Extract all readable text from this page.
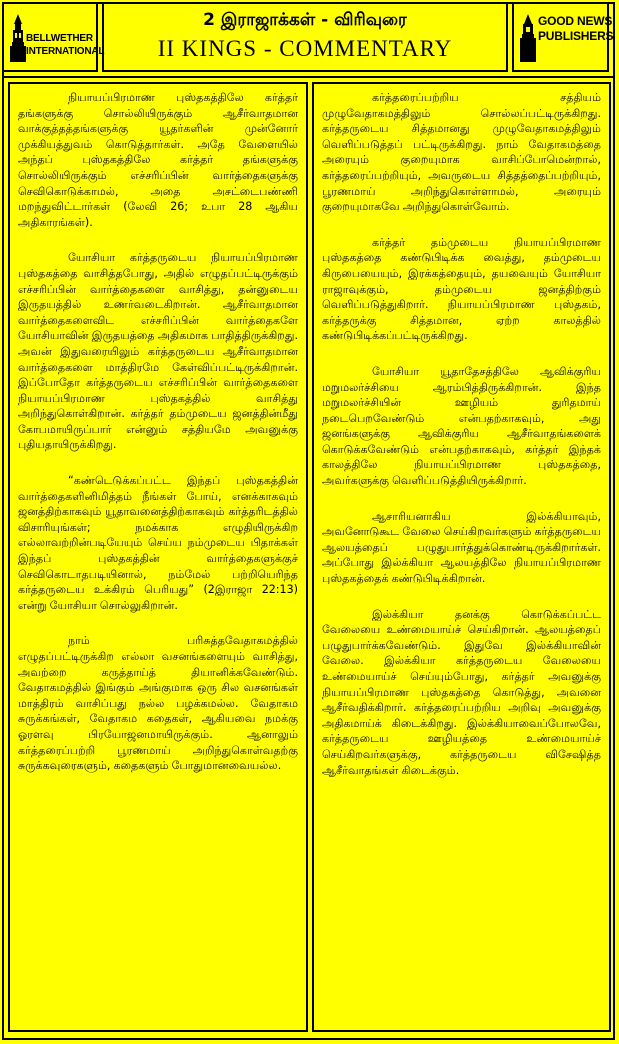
BELLWETHER
INTERNATIONAL
2 இராஜாக்கள் - விரிவுரை
II KINGS - COMMENTARY
GOOD NEWS
PUBLISHERS

நியாயப்பிரமாண புஸ்தகத்திலே கர்த்தர் தங்களுக்கு சொல்லியிருக்கும் ஆசீர்வாதமான வாக்குத்தத்தங்களுக்கு யூதர்களின் முன்னோர் முக்கியத்துவம் கொடுத்தார்கள். அதே வேளையில் அந்தப் புஸ்தகத்திலே கர்த்தர் தங்களுக்கு சொல்லியிருக்கும் எச்சரிப்பின் வார்த்தைகளுக்கு செவிகொடுக்காமல், அதை அசட்டைபண்ணி மறந்துவிட்டார்கள் (லேவி 26; உபா 28 ஆகிய அதிகாரங்கள்).

யோசியா கர்த்தருடைய நியாயப்பிரமாண புஸ்தகத்தை வாசித்தபோது, அதில் எழுதப்பட்டிருக்கும் எச்சரிப்பின் வார்த்தைகளை வாசித்து, தன்னுடைய இருதயத்தில் உணர்வடைகிறான். ஆசீர்வாதமான வார்த்தைகளைவிட எச்சரிப்பின் வார்த்தைகளே யோசியாவின் இருதயத்தை அதிகமாக பாதித்திருக்கிறது. அவன் இதுவரையிலும் கர்த்தருடைய ஆசீர்வாதமான வார்த்தைகளை மாத்திரமே கேள்விப்பட்டிருக்கிறான். இப்போதோ கர்த்தருடைய எச்சரிப்பின் வார்த்தைகளை நியாயப்பிரமாண புஸ்தகத்தில் வாசித்து அறிந்துகொள்கிறான். கர்த்தர் தம்முடைய ஜனத்தின்மீது கோபமாயிருப்பார் என்னும் சத்தியமே அவனுக்கு புதியதாயிருக்கிறது.

“கண்டெடுக்கப்பட்ட இந்தப் புஸ்தகத்தின் வார்த்தைகளினிமித்தம் நீங்கள் போய், எனக்காகவும் ஜனத்திற்காகவும் யூதாவனைத்திற்காகவும் கர்த்தரிடத்தில் விசாரியுங்கள்; நமக்காக எழுதியிருக்கிற எல்லாவற்றின்படியேயும் செய்ய நம்முடைய பிதாக்கள் இந்தப் புஸ்தகத்தின் வார்த்தைகளுக்குச் செவிகொடாதபடியினால், நம்மேல் பற்றியெரிந்த கர்த்தருடைய உக்கிரம் பெரியது” (2இராஜா 22:13) என்று யோசியா சொல்லுகிறான்.

நாம் பரிசுத்தவேதாகமத்தில் எழுதப்பட்டிருக்கிற எல்லா வசனங்களையும் வாசித்து, அவற்றை கருத்தாய்த் தியானிக்கவேண்டும். வேதாகமத்தில் இங்கும் அங்குமாக ஒரு சில வசனங்கள் மாத்திரம் வாசிப்பது நல்ல பழக்கமல்ல. வேதாகம சுருக்கங்கள், வேதாகம கதைகள், ஆகியவை நமக்கு ஓரளவு பிரயோஜனமாயிருக்கும். ஆனாலும் கர்த்தரைப்பற்றி பூரணமாய் அறிந்துகொள்வதற்கு சுருக்கவுரைகளும், கதைகளும் போதுமானவையல்ல.

கர்த்தரைப்பற்றிய சத்தியம் முழுவேதாகமத்திலும் சொல்லப்பட்டிருக்கிறது. கர்த்தருடைய சித்தமானது முழுவேதாகமத்திலும் வெளிப்படுத்தப் பட்டிருக்கிறது. நாம் வேதாகமத்தை அரையும் குறையுமாக வாசிப்போமென்றால், கர்த்தரைப்பற்றியும், அவருடைய சித்தத்தைப்பற்றியும், பூரணமாய் அறிந்துகொள்ளாமல், அரையும் குறையுமாகவே அறிந்துகொள்வோம்.

கர்த்தர் தம்முடைய நியாயப்பிரமாண புஸ்தகத்தை கண்டுபிடிக்க வைத்து, தம்முடைய கிருபையையும், இரக்கத்தையும், தயவையும் யோசியா ராஜாவுக்கும், தம்முடைய ஜனத்திற்கும் வெளிப்படுத்துகிறார். நியாயப்பிரமாண புஸ்தகம், கர்த்தருக்கு சித்தமான, ஏற்ற காலத்தில் கண்டுபிடிக்கப்பட்டிருக்கிறது.

யோசியா யூதாதேசத்திலே ஆவிக்குரிய மறுமலர்ச்சியை ஆரம்பித்திருக்கிறான். இந்த மறுமலர்ச்சியின் ஊழியம் துரிதமாய் நடைபெறவேண்டும் என்பதற்காகவும், அது ஜனங்களுக்கு ஆவிக்குரிய ஆசீர்வாதங்களைக் கொடுக்கவேண்டும் என்பதற்காகவும், கர்த்தர் இந்தக் காலத்திலே நியாயப்பிரமாண புஸ்தகத்தை, அவர்களுக்கு வெளிப்படுத்தியிருக்கிறார்.

ஆசாரியனாகிய இல்க்கியாவும், அவனோடுகூட வேலை செய்கிறவர்களும் கர்த்தருடைய ஆலயத்தைப் பழுதுபார்த்துக்கொண்டிருக்கிறார்கள். அப்போது இல்க்கியா ஆலயத்திலே நியாயப்பிரமாண புஸ்தகத்தைக் கண்டுபிடிக்கிறான்.

இல்க்கியா தனக்கு கொடுக்கப்பட்ட வேலையை உண்மையாய்ச் செய்கிறான். ஆலயத்தைப் பழுதுபார்க்கவேண்டும். இதுவே இல்க்கியாவின் வேலை. இல்க்கியா கர்த்தருடைய வேலையை உண்மையாய்ச் செய்யும்போது, கர்த்தர் அவனுக்கு நியாயப்பிரமாண புஸ்தகத்தை கொடுத்து, அவனை ஆசீர்வதிக்கிறார். கர்த்தரைப்பற்றிய அறிவு அவனுக்கு அதிகமாய்க் கிடைக்கிறது. இல்க்கியாவைப்போலவே, கர்த்தருடைய ஊழியத்தை உண்மையாய்ச் செய்கிறவர்களுக்கு, கர்த்தருடைய விசேஷித்த ஆசீர்வாதங்கள் கிடைக்கும்.
